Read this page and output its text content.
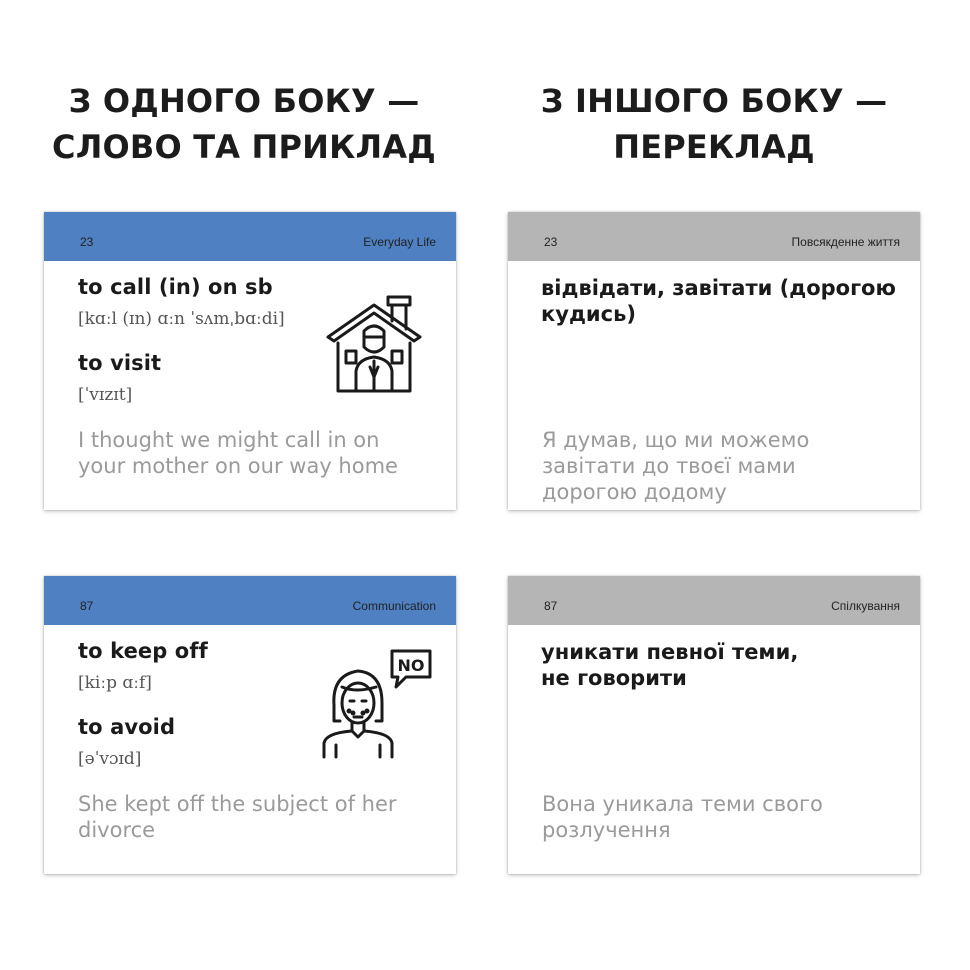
З ОДНОГО БОКУ —
СЛОВО ТА ПРИКЛАД
З ІНШОГО БОКУ —
ПЕРЕКЛАД
23	Everyday Life
to call (in) on sb
[kɑːl (ɪn) ɑːn ˈsʌmˌbɑːdi]
to visit
[ˈvɪzɪt]
I thought we might call in on
your mother on our way home
23	Повсякденне життя
відвідати, завітати (дорогою
кудись)
Я думав, що ми можемо
завітати до твоєї мами
дорогою додому
87	Communication
to keep off
[kiːp ɑːf]
to avoid
[əˈvɔɪd]
She kept off the subject of her
divorce
NO
87	Спілкування
уникати певної теми,
не говорити
Вона уникала теми свого
розлучення
